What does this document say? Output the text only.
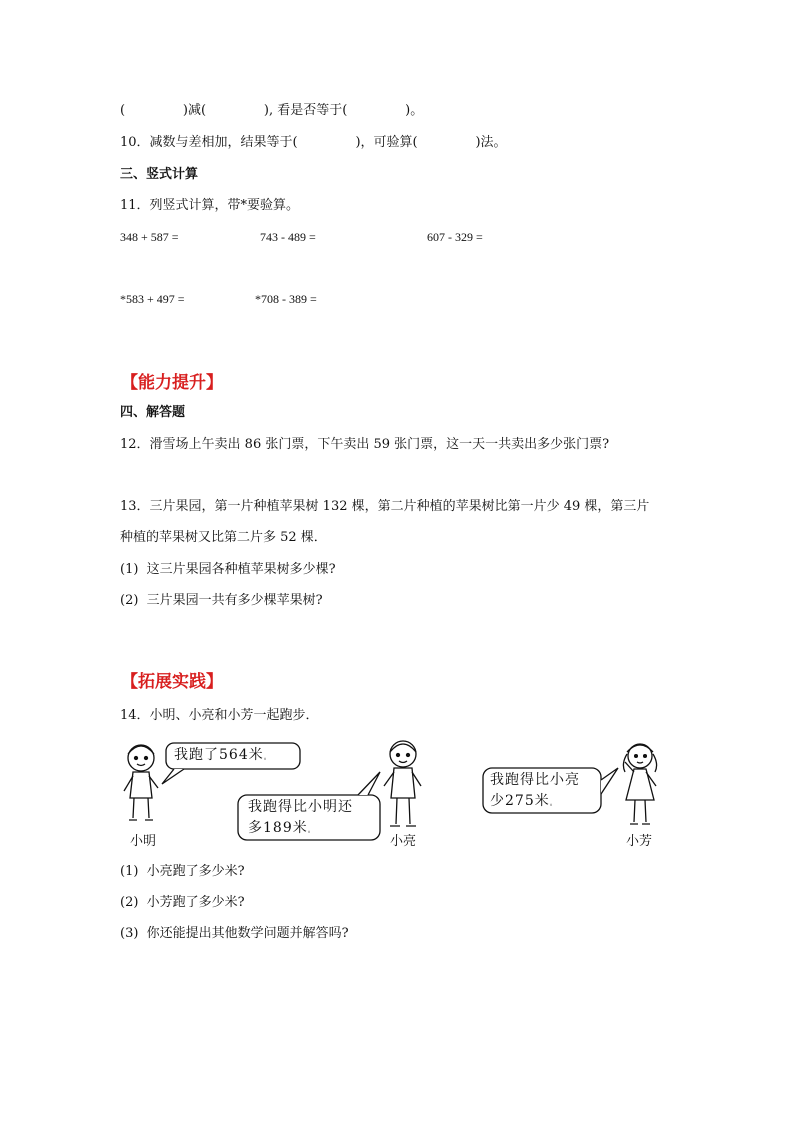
(              )减(              ), 看是否等于(              )。
10．减数与差相加，结果等于(              )，可验算(              )法。
三、竖式计算
11．列竖式计算，带*要验算。
348 + 587 =	743 - 489 =	607 - 329 =
*583 + 497 =	*708 - 389 =
【能力提升】
四、解答题
12．滑雪场上午卖出 86 张门票，下午卖出 59 张门票，这一天一共卖出多少张门票?
13．三片果园，第一片种植苹果树 132 棵，第二片种植的苹果树比第一片少 49 棵，第三片
种植的苹果树又比第二片多 52 棵．
(1)  这三片果园各种植苹果树多少棵?
(2)  三片果园一共有多少棵苹果树?
【拓展实践】
14．小明、小亮和小芳一起跑步．
我跑了564米。
我跑得比小明还
多189米。
我跑得比小亮
少275米。
小明	小亮	小芳
(1)  小亮跑了多少米?
(2)  小芳跑了多少米?
(3)  你还能提出其他数学问题并解答吗?
